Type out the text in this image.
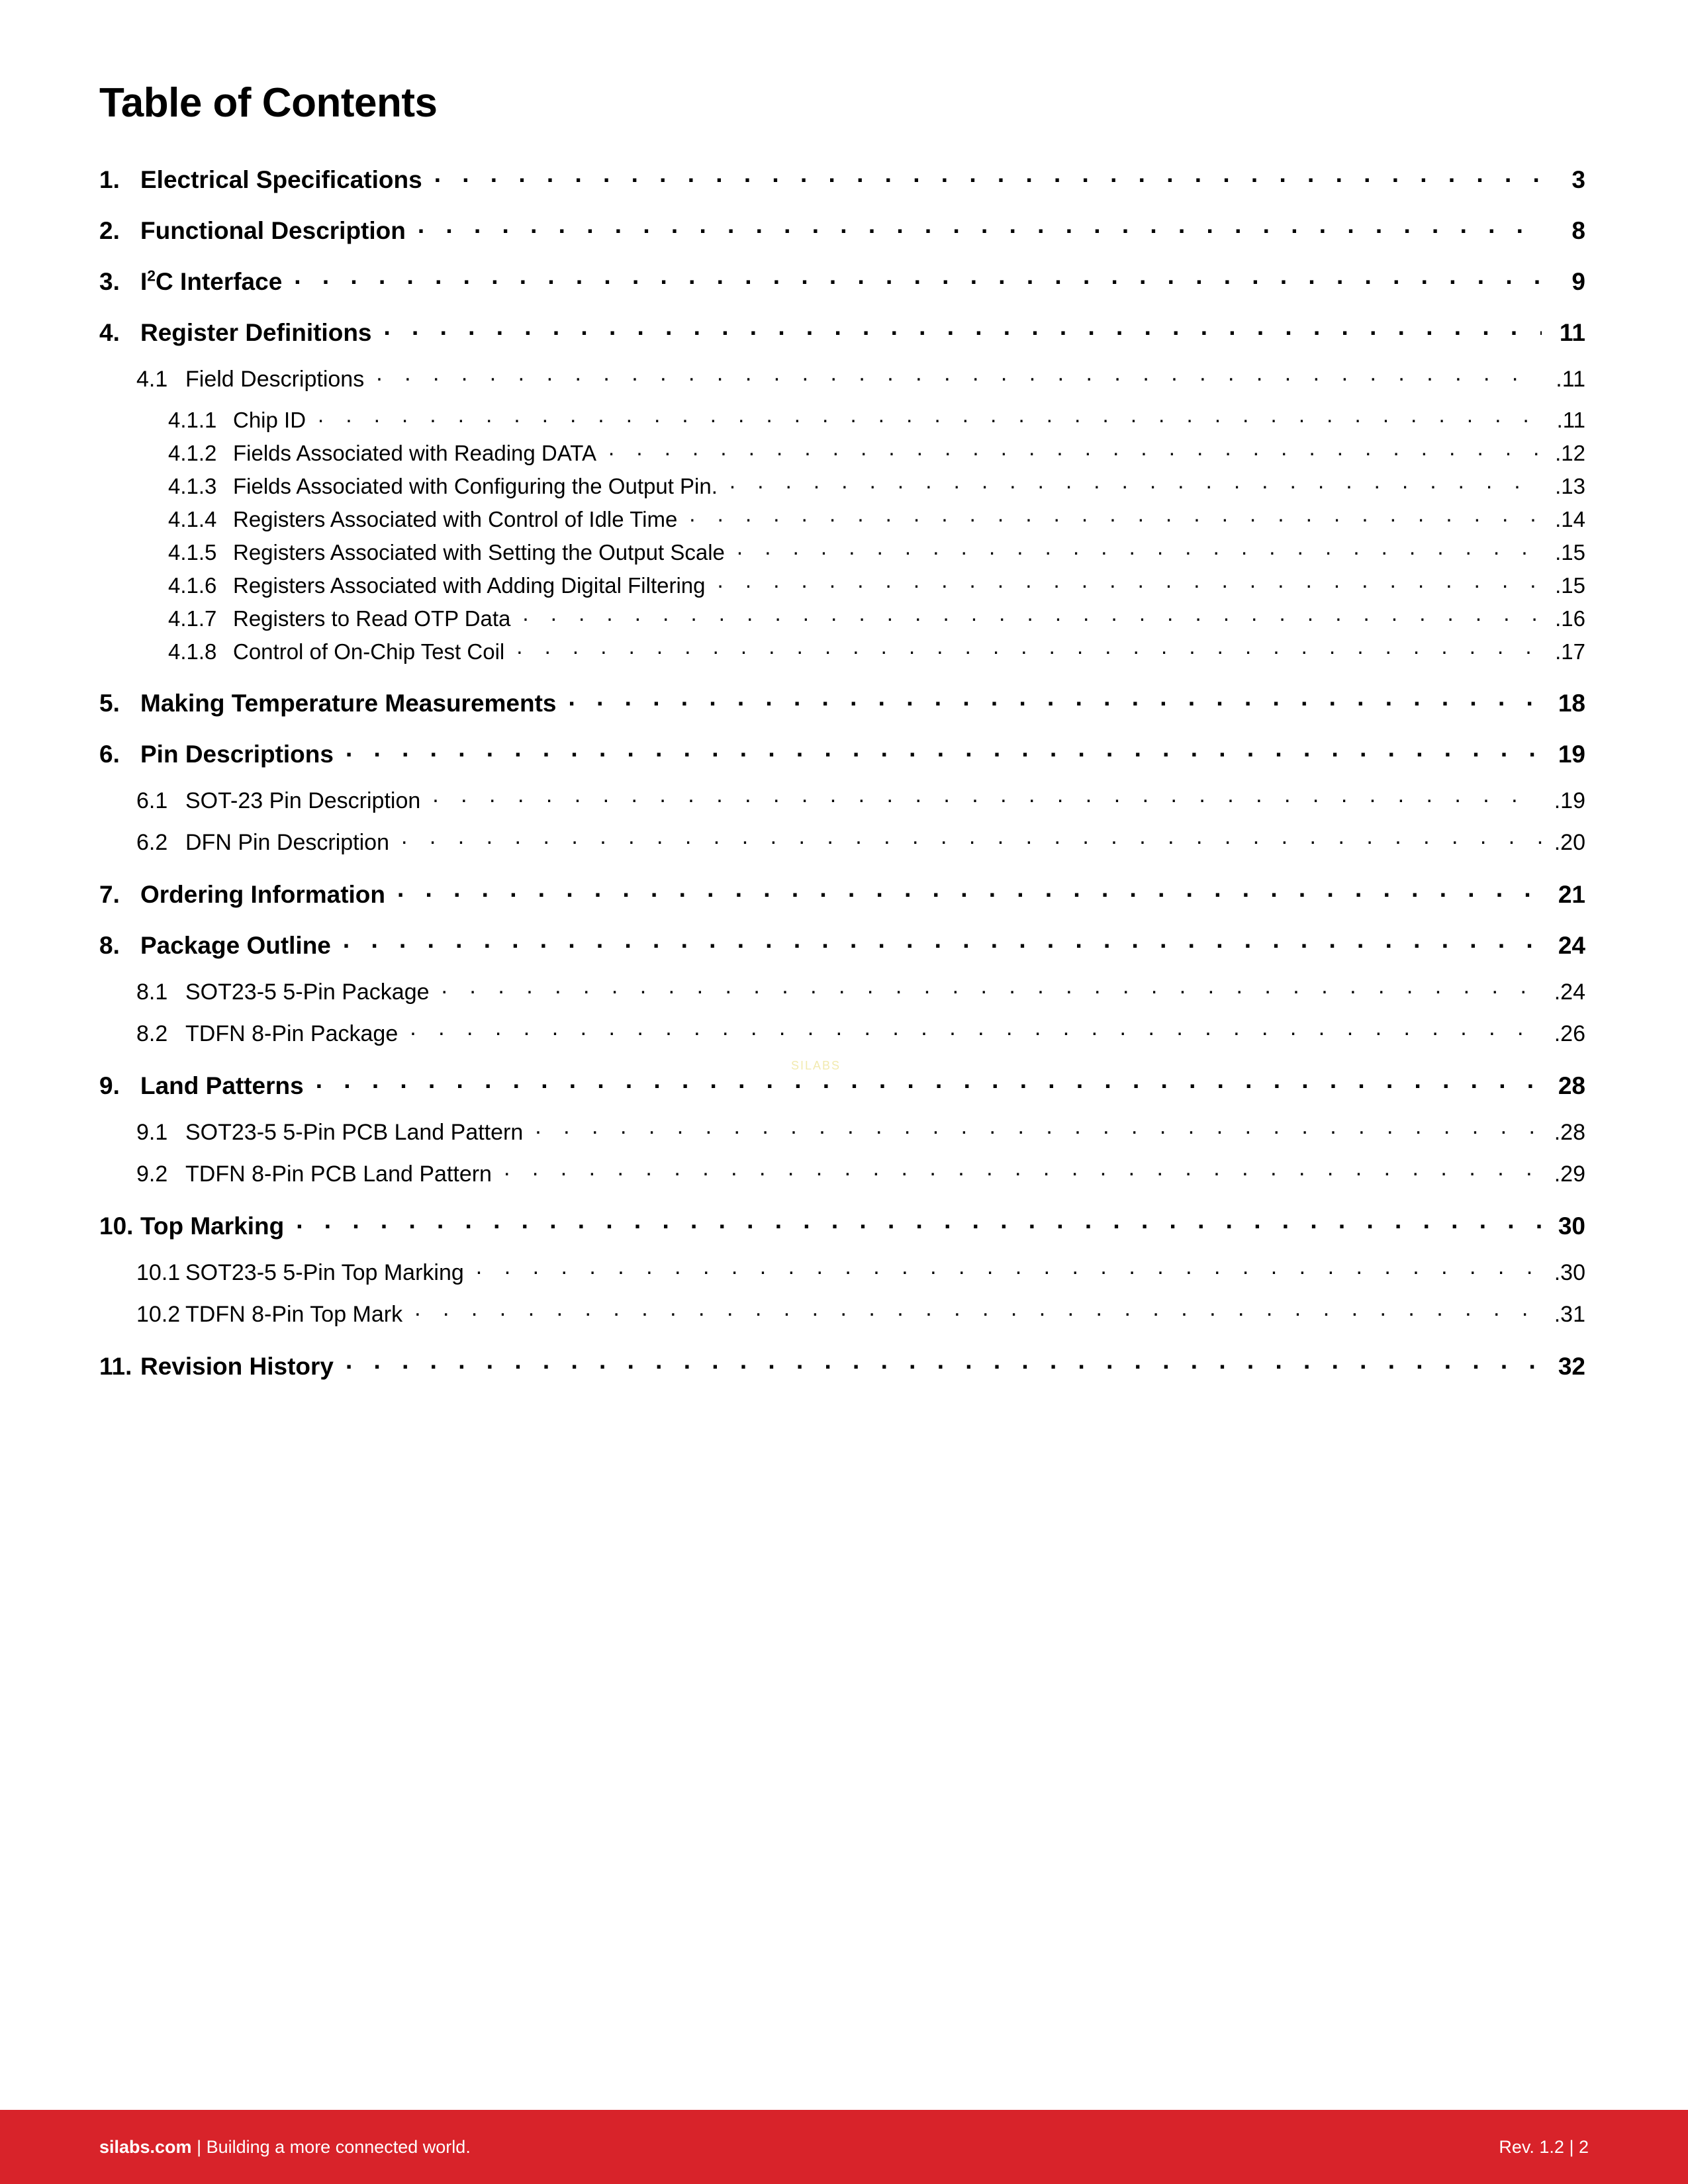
Table of Contents
1. Electrical Specifications . .	3
2. Functional Description . .	8
3. $I^2C$ Interface . .	9
4. Register Definitions . .	11
4.1 Field Descriptions . .	.11
4.1.1 Chip ID . .	.11
4.1.2 Fields Associated with Reading DATA . .	.12
4.1.3 Fields Associated with Configuring the Output Pin. . .	.13
4.1.4 Registers Associated with Control of Idle Time . .	.14
4.1.5 Registers Associated with Setting the Output Scale . .	.15
4.1.6 Registers Associated with Adding Digital Filtering . .	.15
4.1.7 Registers to Read OTP Data . .	.16
4.1.8 Control of On-Chip Test Coil . .	.17
5. Making Temperature Measurements . .	18
6. Pin Descriptions . .	19
6.1 SOT-23 Pin Description . .	.19
6.2 DFN Pin Description . .	.20
7. Ordering Information . .	21
8. Package Outline . .	24
8.1 SOT23-5 5-Pin Package . .	.24
8.2 TDFN 8-Pin Package . .	.26
9. Land Patterns . .	28
9.1 SOT23-5 5-Pin PCB Land Pattern . .	.28
9.2 TDFN 8-Pin PCB Land Pattern . .	.29
10. Top Marking . .	30
10.1 SOT23-5 5-Pin Top Marking . .	.30
10.2 TDFN 8-Pin Top Mark . .	.31
11. Revision History . .	32
SILABS
silabs.com | Building a more connected world.	Rev. 1.2 | 2
